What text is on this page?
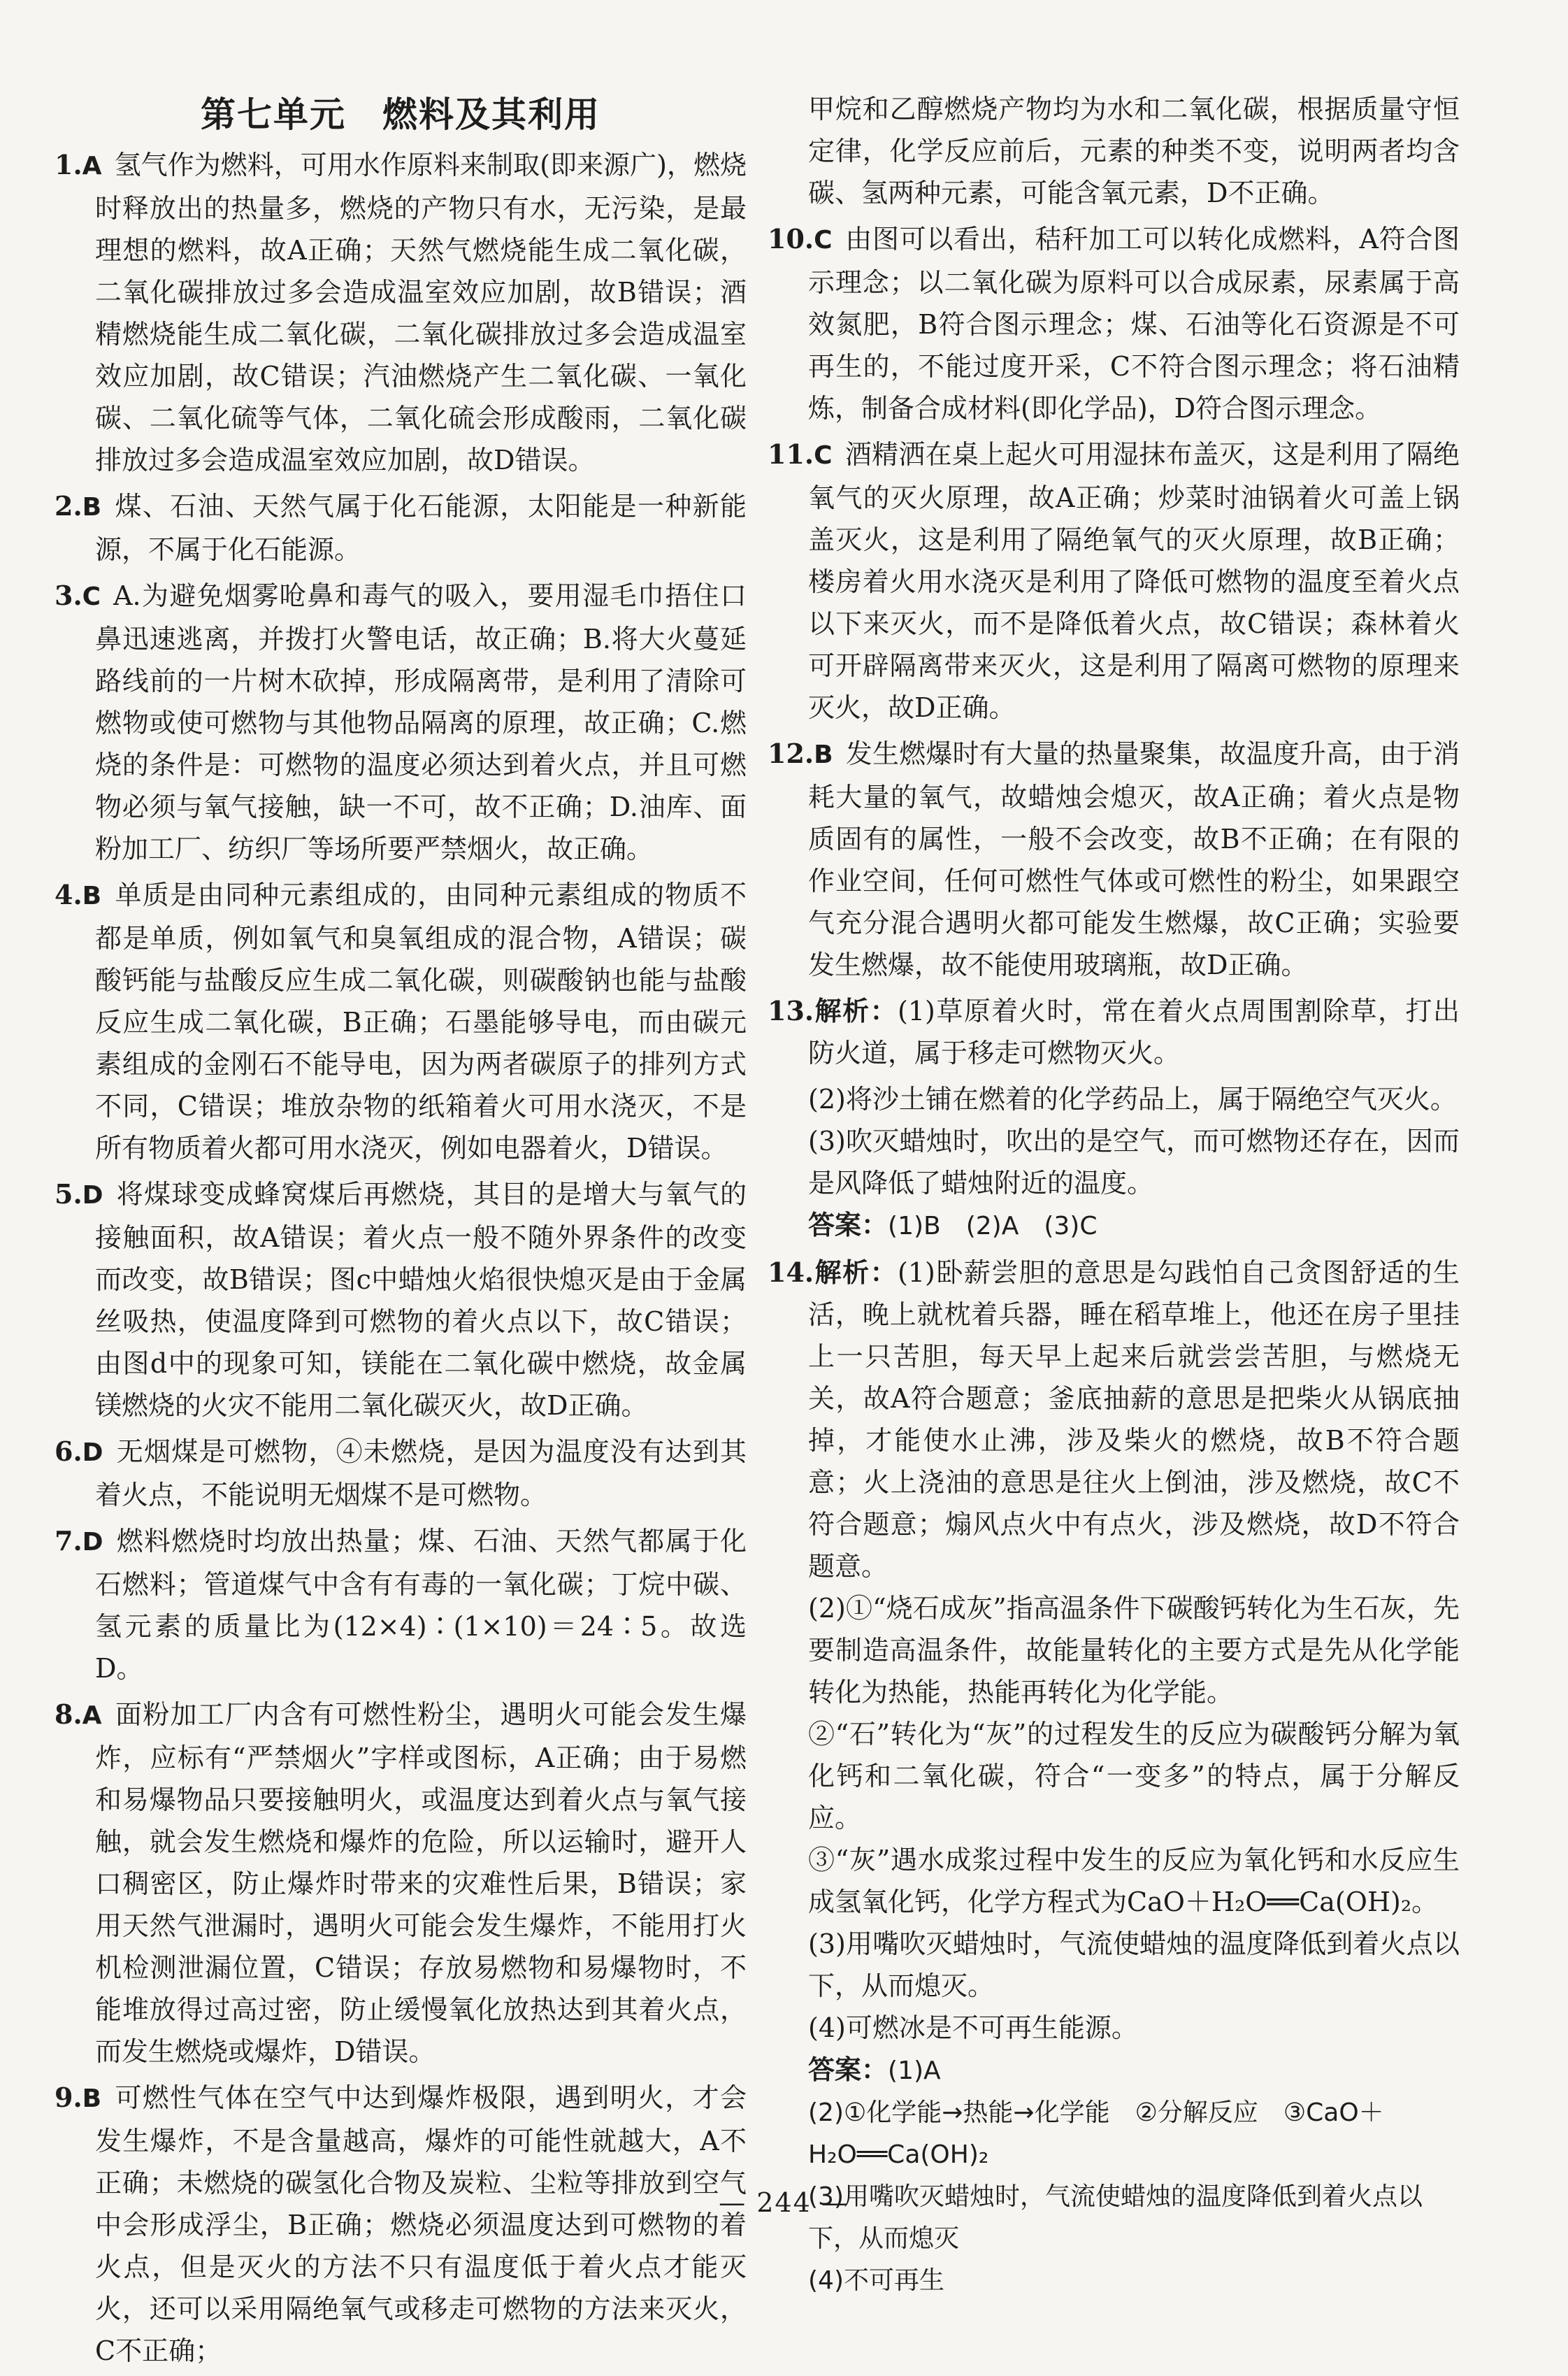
第七单元　燃料及其利用
1.A 氢气作为燃料，可用水作原料来制取(即来源广)，燃烧时释放出的热量多，燃烧的产物只有水，无污染，是最理想的燃料，故A正确；天然气燃烧能生成二氧化碳，二氧化碳排放过多会造成温室效应加剧，故B错误；酒精燃烧能生成二氧化碳，二氧化碳排放过多会造成温室效应加剧，故C错误；汽油燃烧产生二氧化碳、一氧化碳、二氧化硫等气体，二氧化硫会形成酸雨，二氧化碳排放过多会造成温室效应加剧，故D错误。
2.B 煤、石油、天然气属于化石能源，太阳能是一种新能源，不属于化石能源。
3.C A.为避免烟雾呛鼻和毒气的吸入，要用湿毛巾捂住口鼻迅速逃离，并拨打火警电话，故正确；B.将大火蔓延路线前的一片树木砍掉，形成隔离带，是利用了清除可燃物或使可燃物与其他物品隔离的原理，故正确；C.燃烧的条件是：可燃物的温度必须达到着火点，并且可燃物必须与氧气接触，缺一不可，故不正确；D.油库、面粉加工厂、纺织厂等场所要严禁烟火，故正确。
4.B 单质是由同种元素组成的，由同种元素组成的物质不都是单质，例如氧气和臭氧组成的混合物，A错误；碳酸钙能与盐酸反应生成二氧化碳，则碳酸钠也能与盐酸反应生成二氧化碳，B正确；石墨能够导电，而由碳元素组成的金刚石不能导电，因为两者碳原子的排列方式不同，C错误；堆放杂物的纸箱着火可用水浇灭，不是所有物质着火都可用水浇灭，例如电器着火，D错误。
5.D 将煤球变成蜂窝煤后再燃烧，其目的是增大与氧气的接触面积，故A错误；着火点一般不随外界条件的改变而改变，故B错误；图c中蜡烛火焰很快熄灭是由于金属丝吸热，使温度降到可燃物的着火点以下，故C错误；由图d中的现象可知，镁能在二氧化碳中燃烧，故金属镁燃烧的火灾不能用二氧化碳灭火，故D正确。
6.D 无烟煤是可燃物，④未燃烧，是因为温度没有达到其着火点，不能说明无烟煤不是可燃物。
7.D 燃料燃烧时均放出热量；煤、石油、天然气都属于化石燃料；管道煤气中含有有毒的一氧化碳；丁烷中碳、氢元素的质量比为(12×4)∶(1×10)＝24∶5。故选D。
8.A 面粉加工厂内含有可燃性粉尘，遇明火可能会发生爆炸，应标有“严禁烟火”字样或图标，A正确；由于易燃和易爆物品只要接触明火，或温度达到着火点与氧气接触，就会发生燃烧和爆炸的危险，所以运输时，避开人口稠密区，防止爆炸时带来的灾难性后果，B错误；家用天然气泄漏时，遇明火可能会发生爆炸，不能用打火机检测泄漏位置，C错误；存放易燃物和易爆物时，不能堆放得过高过密，防止缓慢氧化放热达到其着火点，而发生燃烧或爆炸，D错误。
9.B 可燃性气体在空气中达到爆炸极限，遇到明火，才会发生爆炸，不是含量越高，爆炸的可能性就越大，A不正确；未燃烧的碳氢化合物及炭粒、尘粒等排放到空气中会形成浮尘，B正确；燃烧必须温度达到可燃物的着火点，但是灭火的方法不只有温度低于着火点才能灭火，还可以采用隔绝氧气或移走可燃物的方法来灭火，C不正确；

甲烷和乙醇燃烧产物均为水和二氧化碳，根据质量守恒定律，化学反应前后，元素的种类不变，说明两者均含碳、氢两种元素，可能含氧元素，D不正确。

10.C 由图可以看出，秸秆加工可以转化成燃料，A符合图示理念；以二氧化碳为原料可以合成尿素，尿素属于高效氮肥，B符合图示理念；煤、石油等化石资源是不可再生的，不能过度开采，C不符合图示理念；将石油精炼，制备合成材料(即化学品)，D符合图示理念。
11.C 酒精洒在桌上起火可用湿抹布盖灭，这是利用了隔绝氧气的灭火原理，故A正确；炒菜时油锅着火可盖上锅盖灭火，这是利用了隔绝氧气的灭火原理，故B正确；楼房着火用水浇灭是利用了降低可燃物的温度至着火点以下来灭火，而不是降低着火点，故C错误；森林着火可开辟隔离带来灭火，这是利用了隔离可燃物的原理来灭火，故D正确。
12.B 发生燃爆时有大量的热量聚集，故温度升高，由于消耗大量的氧气，故蜡烛会熄灭，故A正确；着火点是物质固有的属性，一般不会改变，故B不正确；在有限的作业空间，任何可燃性气体或可燃性的粉尘，如果跟空气充分混合遇明火都可能发生燃爆，故C正确；实验要发生燃爆，故不能使用玻璃瓶，故D正确。
13.解析：(1)草原着火时，常在着火点周围割除草，打出防火道，属于移走可燃物灭火。

(2)将沙土铺在燃着的化学药品上，属于隔绝空气灭火。

(3)吹灭蜡烛时，吹出的是空气，而可燃物还存在，因而是风降低了蜡烛附近的温度。

答案：(1)B　(2)A　(3)C

14.解析：(1)卧薪尝胆的意思是勾践怕自己贪图舒适的生活，晚上就枕着兵器，睡在稻草堆上，他还在房子里挂上一只苦胆，每天早上起来后就尝尝苦胆，与燃烧无关，故A符合题意；釜底抽薪的意思是把柴火从锅底抽掉，才能使水止沸，涉及柴火的燃烧，故B不符合题意；火上浇油的意思是往火上倒油，涉及燃烧，故C不符合题意；煽风点火中有点火，涉及燃烧，故D不符合题意。

(2)①“烧石成灰”指高温条件下碳酸钙转化为生石灰，先要制造高温条件，故能量转化的主要方式是先从化学能转化为热能，热能再转化为化学能。

②“石”转化为“灰”的过程发生的反应为碳酸钙分解为氧化钙和二氧化碳，符合“一变多”的特点，属于分解反应。

③“灰”遇水成浆过程中发生的反应为氧化钙和水反应生成氢氧化钙，化学方程式为CaO＋H₂O══Ca(OH)₂。

(3)用嘴吹灭蜡烛时，气流使蜡烛的温度降低到着火点以下，从而熄灭。

(4)可燃冰是不可再生能源。

答案：(1)A

(2)①化学能→热能→化学能　②分解反应　③CaO＋H₂O══Ca(OH)₂

(3)用嘴吹灭蜡烛时，气流使蜡烛的温度降低到着火点以下，从而熄灭

(4)不可再生

— 244 —
